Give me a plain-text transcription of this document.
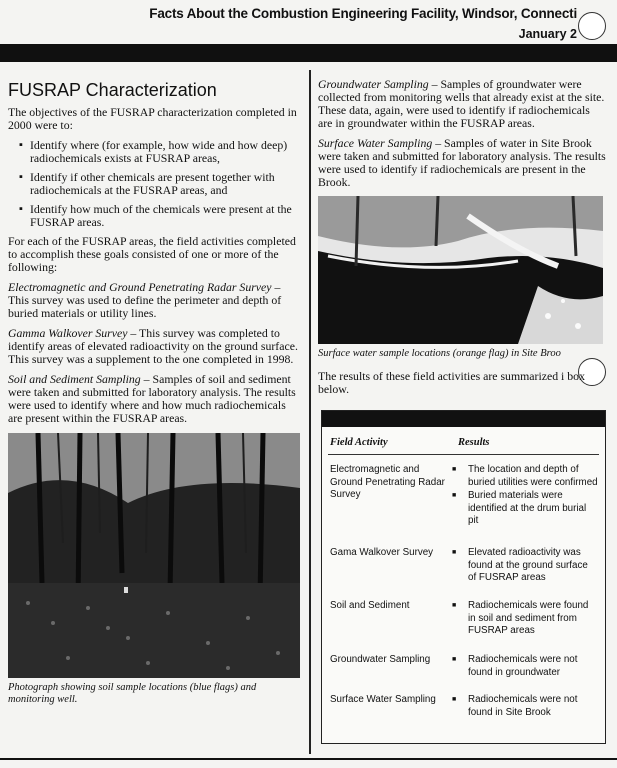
Facts About the Combustion Engineering Facility, Windsor, Connecti
January 2
FUSRAP Characterization

The objectives of the FUSRAP characterization completed in 2000 were to:

▪ Identify where (for example, how wide and how deep) radiochemicals exists at FUSRAP areas,
▪ Identify if other chemicals are present together with radiochemicals at the FUSRAP areas, and
▪ Identify how much of the chemicals were present at the FUSRAP areas.

For each of the FUSRAP areas, the field activities completed to accomplish these goals consisted of one or more of the following:

Electromagnetic and Ground Penetrating Radar Survey – This survey was used to define the perimeter and depth of buried materials or utility lines.

Gamma Walkover Survey – This survey was completed to identify areas of elevated radioactivity on the ground surface. This survey was a supplement to the one completed in 1998.

Soil and Sediment Sampling – Samples of soil and sediment were taken and submitted for laboratory analysis. The results were used to identify where and how much radiochemicals are present within the FUSRAP areas.

Photograph showing soil sample locations (blue flags) and monitoring well.

Groundwater Sampling – Samples of groundwater were collected from monitoring wells that already exist at the site. These data, again, were used to identify if radiochemicals are in groundwater within the FUSRAP areas.

Surface Water Sampling – Samples of water in Site Brook were taken and submitted for laboratory analysis. The results were used to identify if radiochemicals are present in the Brook.

Surface water sample locations (orange flag) in Site Broo

The results of these field activities are summarized i box below.

Field Activity	Results
Electromagnetic and Ground Penetrating Radar Survey
■ The location and depth of buried utilities were confirmed
■ Buried materials were identified at the drum burial pit
Gama Walkover Survey	■ Elevated radioactivity was found at the ground surface of FUSRAP areas
Soil and Sediment	■ Radiochemicals were found in soil and sediment from FUSRAP areas
Groundwater Sampling	■ Radiochemicals were not found in groundwater
Surface Water Sampling	■ Radiochemicals were not found in Site Brook
